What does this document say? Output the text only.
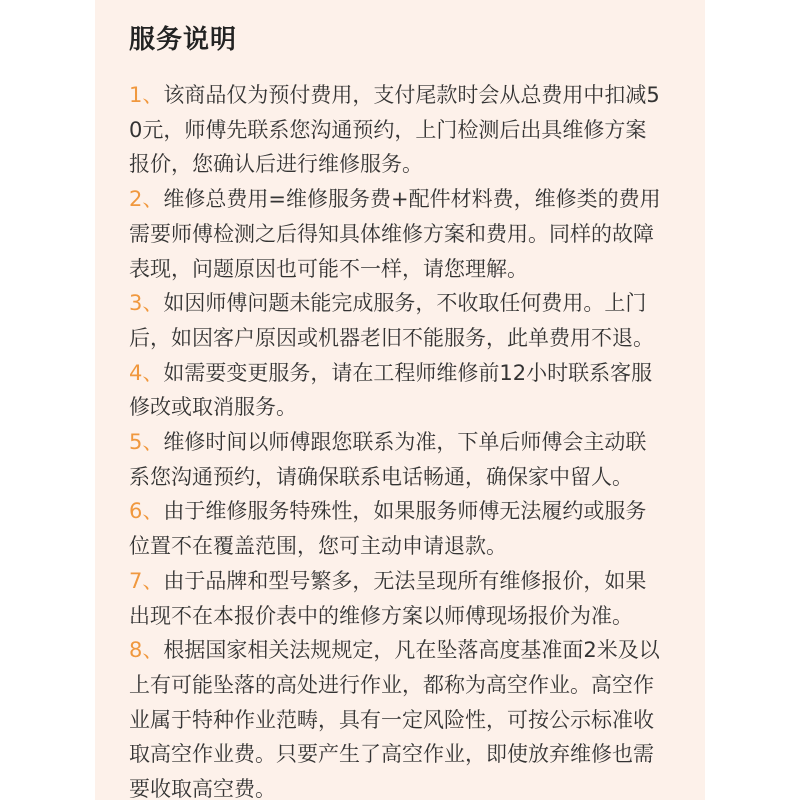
服务说明
1、该商品仅为预付费用，支付尾款时会从总费用中扣减50元，师傅先联系您沟通预约，上门检测后出具维修方案报价，您确认后进行维修服务。
2、维修总费用=维修服务费+配件材料费，维修类的费用需要师傅检测之后得知具体维修方案和费用。同样的故障表现，问题原因也可能不一样，请您理解。
3、如因师傅问题未能完成服务，不收取任何费用。上门后，如因客户原因或机器老旧不能服务，此单费用不退。
4、如需要变更服务，请在工程师维修前12小时联系客服修改或取消服务。
5、维修时间以师傅跟您联系为准，下单后师傅会主动联系您沟通预约，请确保联系电话畅通，确保家中留人。
6、由于维修服务特殊性，如果服务师傅无法履约或服务位置不在覆盖范围，您可主动申请退款。
7、由于品牌和型号繁多，无法呈现所有维修报价，如果出现不在本报价表中的维修方案以师傅现场报价为准。
8、根据国家相关法规规定，凡在坠落高度基准面2米及以上有可能坠落的高处进行作业，都称为高空作业。高空作业属于特种作业范畴，具有一定风险性，可按公示标准收取高空作业费。只要产生了高空作业，即使放弃维修也需要收取高空费。
